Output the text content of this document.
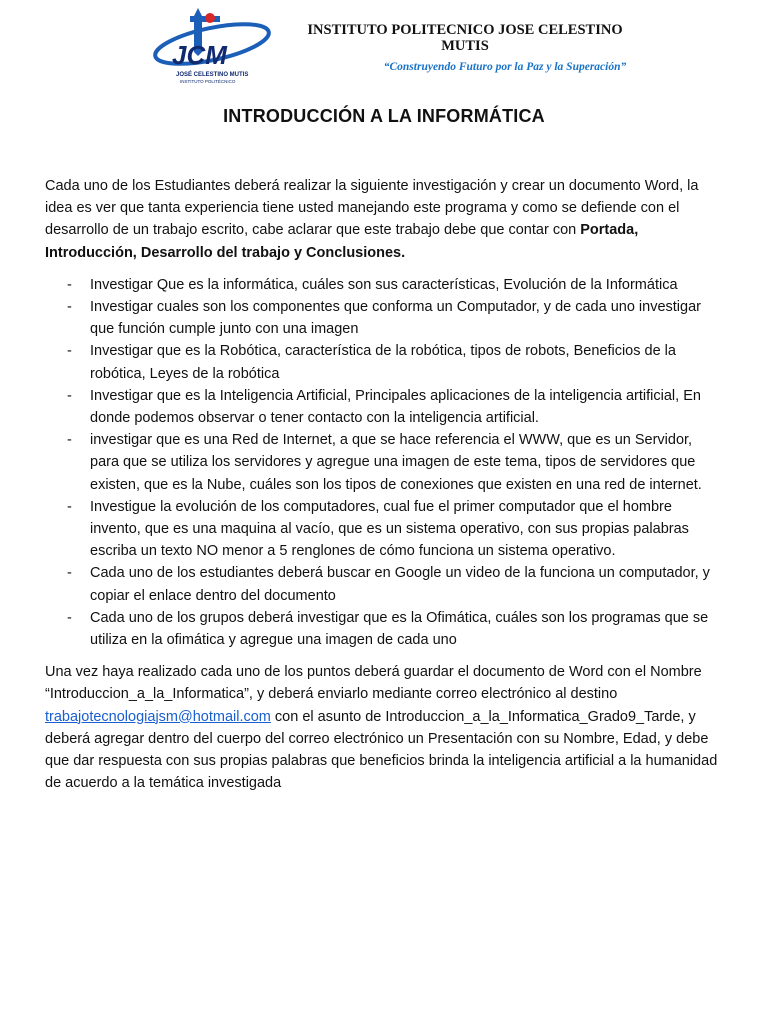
JCM
JOSÉ CELESTINO MUTIS
INSTITUTO POLITÉCNICO
INSTITUTO POLITECNICO JOSE CELESTINO
MUTIS
“Construyendo Futuro por la Paz y la Superación”
INTRODUCCIÓN A LA INFORMÁTICA

Cada uno de los Estudiantes deberá realizar la siguiente investigación y crear un documento Word, la idea es ver que tanta experiencia tiene usted manejando este programa y como se defiende con el desarrollo de un trabajo escrito, cabe aclarar que este trabajo debe que contar con Portada, Introducción, Desarrollo del trabajo y Conclusiones.

- Investigar Que es la informática, cuáles son sus características, Evolución de la Informática
- Investigar cuales son los componentes que conforma un Computador, y de cada uno investigar que función cumple junto con una imagen
- Investigar que es la Robótica, característica de la robótica, tipos de robots, Beneficios de la robótica, Leyes de la robótica
- Investigar que es la Inteligencia Artificial, Principales aplicaciones de la inteligencia artificial, En donde podemos observar o tener contacto con la inteligencia artificial.
- investigar que es una Red de Internet, a que se hace referencia el WWW, que es un Servidor, para que se utiliza los servidores y agregue una imagen de este tema, tipos de servidores que existen, que es la Nube, cuáles son los tipos de conexiones que existen en una red de internet.
- Investigue la evolución de los computadores, cual fue el primer computador que el hombre invento, que es una maquina al vacío, que es un sistema operativo, con sus propias palabras escriba un texto NO menor a 5 renglones de cómo funciona un sistema operativo.
- Cada uno de los estudiantes deberá buscar en Google un video de la funciona un computador, y copiar el enlace dentro del documento
- Cada uno de los grupos deberá investigar que es la Ofimática, cuáles son los programas que se utiliza en la ofimática y agregue una imagen de cada uno

Una vez haya realizado cada uno de los puntos deberá guardar el documento de Word con el Nombre “Introduccion_a_la_Informatica”, y deberá enviarlo mediante correo electrónico al destino trabajotecnologiajsm@hotmail.com con el asunto de Introduccion_a_la_Informatica_Grado9_Tarde, y deberá agregar dentro del cuerpo del correo electrónico un Presentación con su Nombre, Edad, y debe que dar respuesta con sus propias palabras que beneficios brinda la inteligencia artificial a la humanidad de acuerdo a la temática investigada
